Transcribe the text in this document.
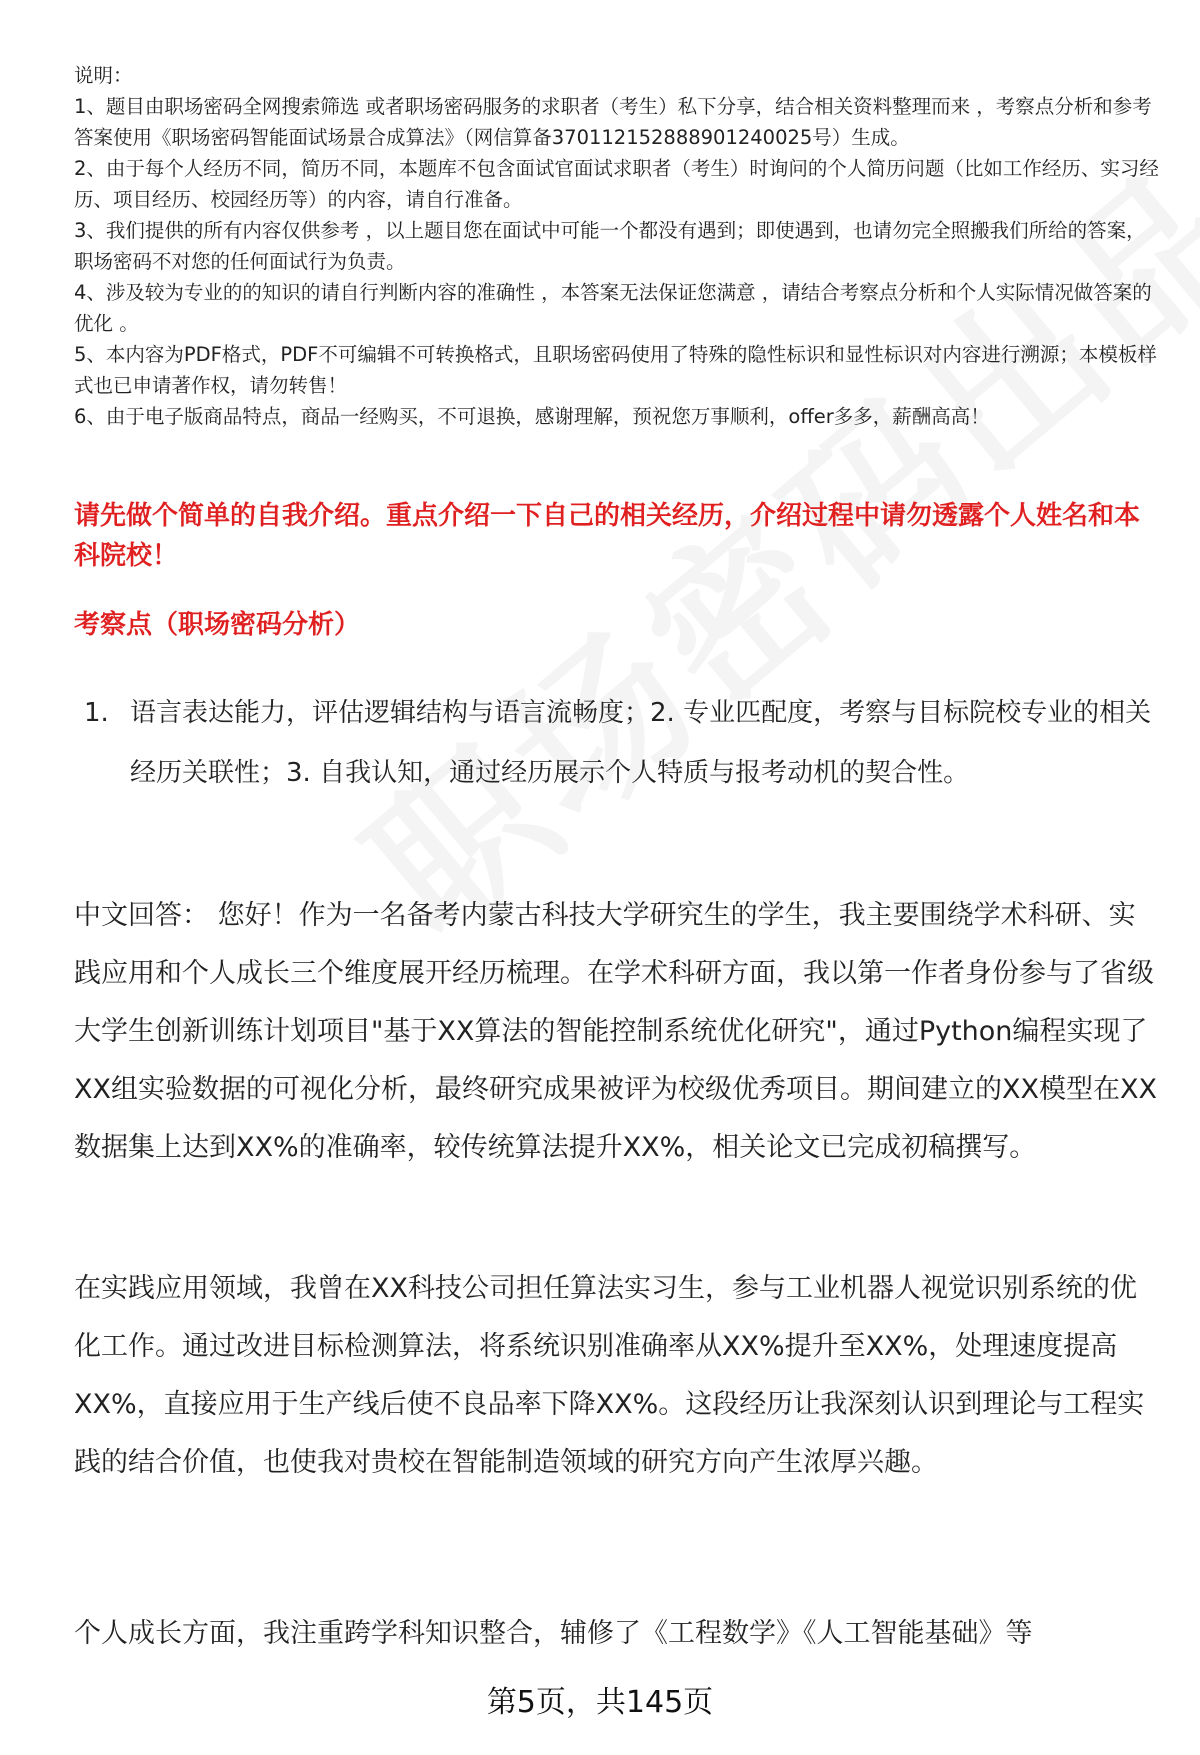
说明：

1、题目由职场密码全网搜索筛选 或者职场密码服务的求职者（考生）私下分享，结合相关资料整理而来 ，考察点分析和参考答案使用《职场密码智能面试场景合成算法》（网信算备370112152888901240025号）生成。

2、由于每个人经历不同，简历不同，本题库不包含面试官面试求职者（考生）时询问的个人简历问题（比如工作经历、实习经历、项目经历、校园经历等）的内容，请自行准备。

3、我们提供的所有内容仅供参考 ，以上题目您在面试中可能一个都没有遇到；即使遇到，也请勿完全照搬我们所给的答案，职场密码不对您的任何面试行为负责。

4、涉及较为专业的的知识的请自行判断内容的准确性 ，本答案无法保证您满意 ，请结合考察点分析和个人实际情况做答案的优化 。

5、本内容为PDF格式，PDF不可编辑不可转换格式，且职场密码使用了特殊的隐性标识和显性标识对内容进行溯源；本模板样式也已申请著作权，请勿转售！

6、由于电子版商品特点，商品一经购买，不可退换，感谢理解，预祝您万事顺利，offer多多，薪酬高高！

请先做个简单的自我介绍。重点介绍一下自己的相关经历，介绍过程中请勿透露个人姓名和本科院校！
考察点（职场密码分析）
1. 语言表达能力，评估逻辑结构与语言流畅度；2. 专业匹配度，考察与目标院校专业的相关经历关联性；3. 自我认知，通过经历展示个人特质与报考动机的契合性。
中文回答： 您好！作为一名备考内蒙古科技大学研究生的学生，我主要围绕学术科研、实践应用和个人成长三个维度展开经历梳理。在学术科研方面，我以第一作者身份参与了省级大学生创新训练计划项目"基于XX算法的智能控制系统优化研究"，通过Python编程实现了XX组实验数据的可视化分析，最终研究成果被评为校级优秀项目。期间建立的XX模型在XX数据集上达到XX%的准确率，较传统算法提升XX%，相关论文已完成初稿撰写。
在实践应用领域，我曾在XX科技公司担任算法实习生，参与工业机器人视觉识别系统的优化工作。通过改进目标检测算法，将系统识别准确率从XX%提升至XX%，处理速度提高XX%，直接应用于生产线后使不良品率下降XX%。这段经历让我深刻认识到理论与工程实践的结合价值，也使我对贵校在智能制造领域的研究方向产生浓厚兴趣。
个人成长方面，我注重跨学科知识整合，辅修了《工程数学》《人工智能基础》等
第5页，共145页
